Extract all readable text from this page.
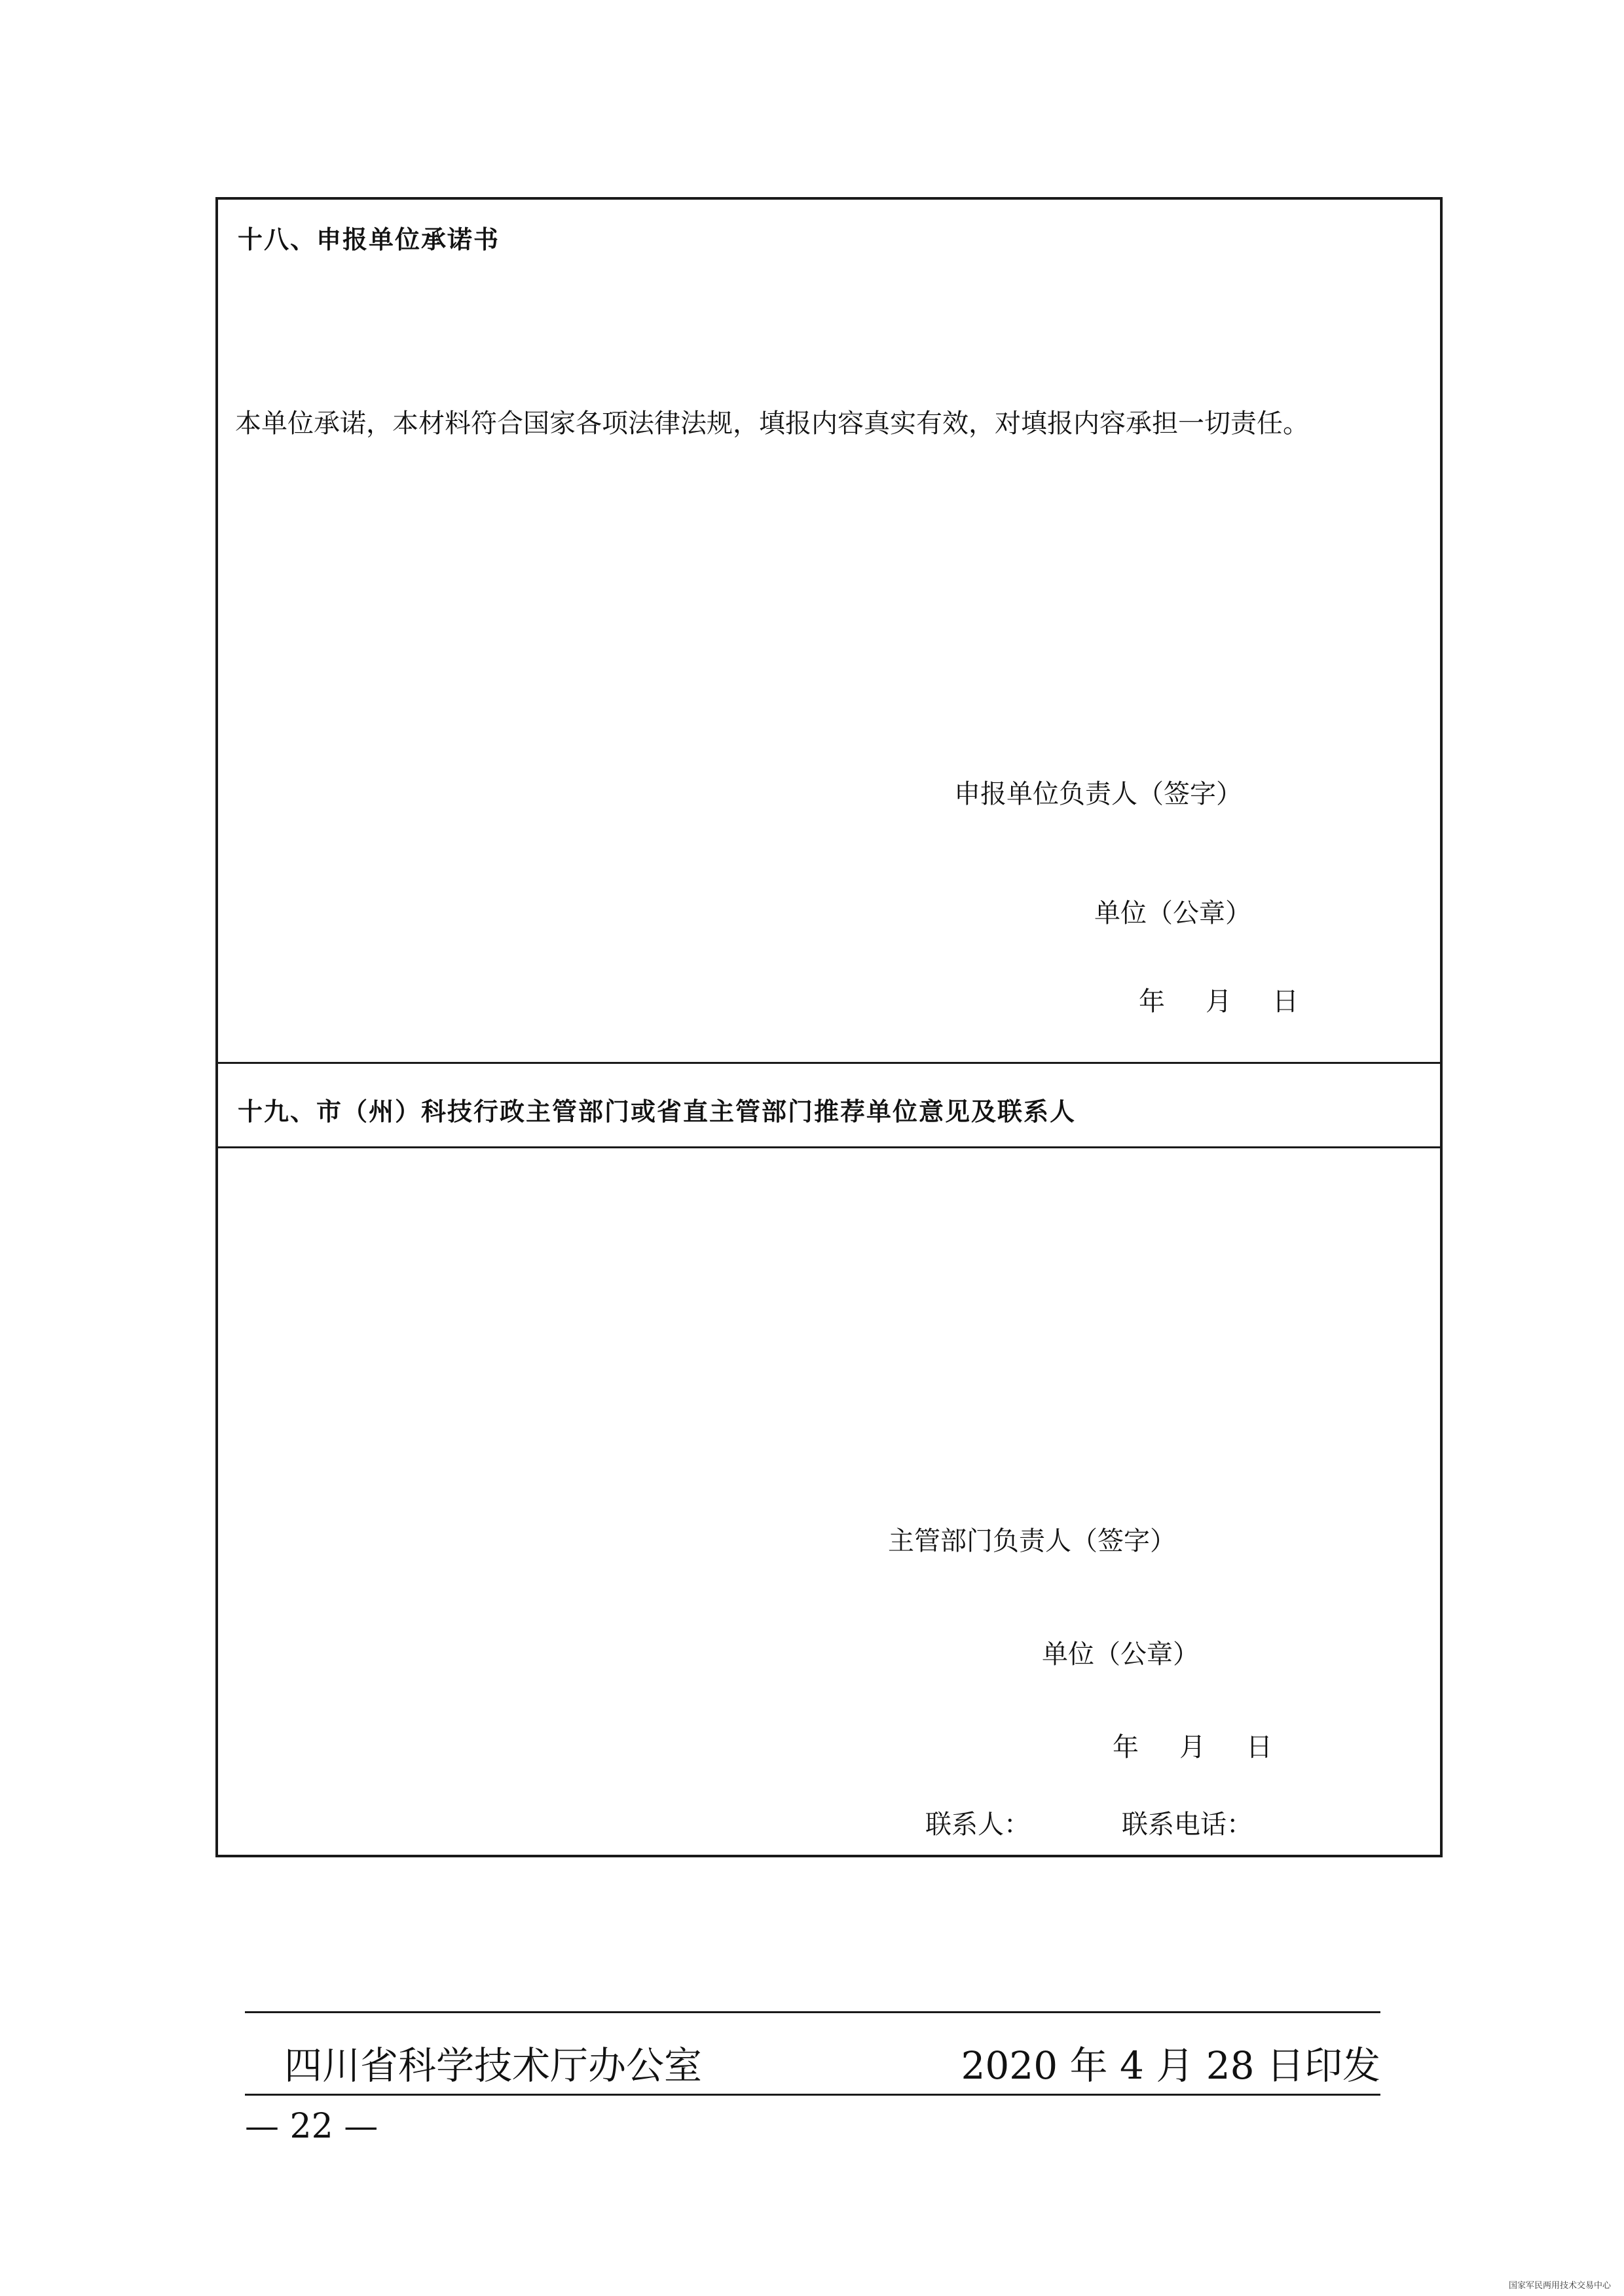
十八、申报单位承诺书
本单位承诺，本材料符合国家各项法律法规，填报内容真实有效，对填报内容承担一切责任。
申报单位负责人（签字）
单位（公章）
年 月 日
十九、市（州）科技行政主管部门或省直主管部门推荐单位意见及联系人
主管部门负责人（签字）
单位（公章）
年 月 日
联系人：	联系电话：
四川省科学技术厅办公室	2020 年 4 月 28 日印发
— 22 —
国家军民两用技术交易中心
